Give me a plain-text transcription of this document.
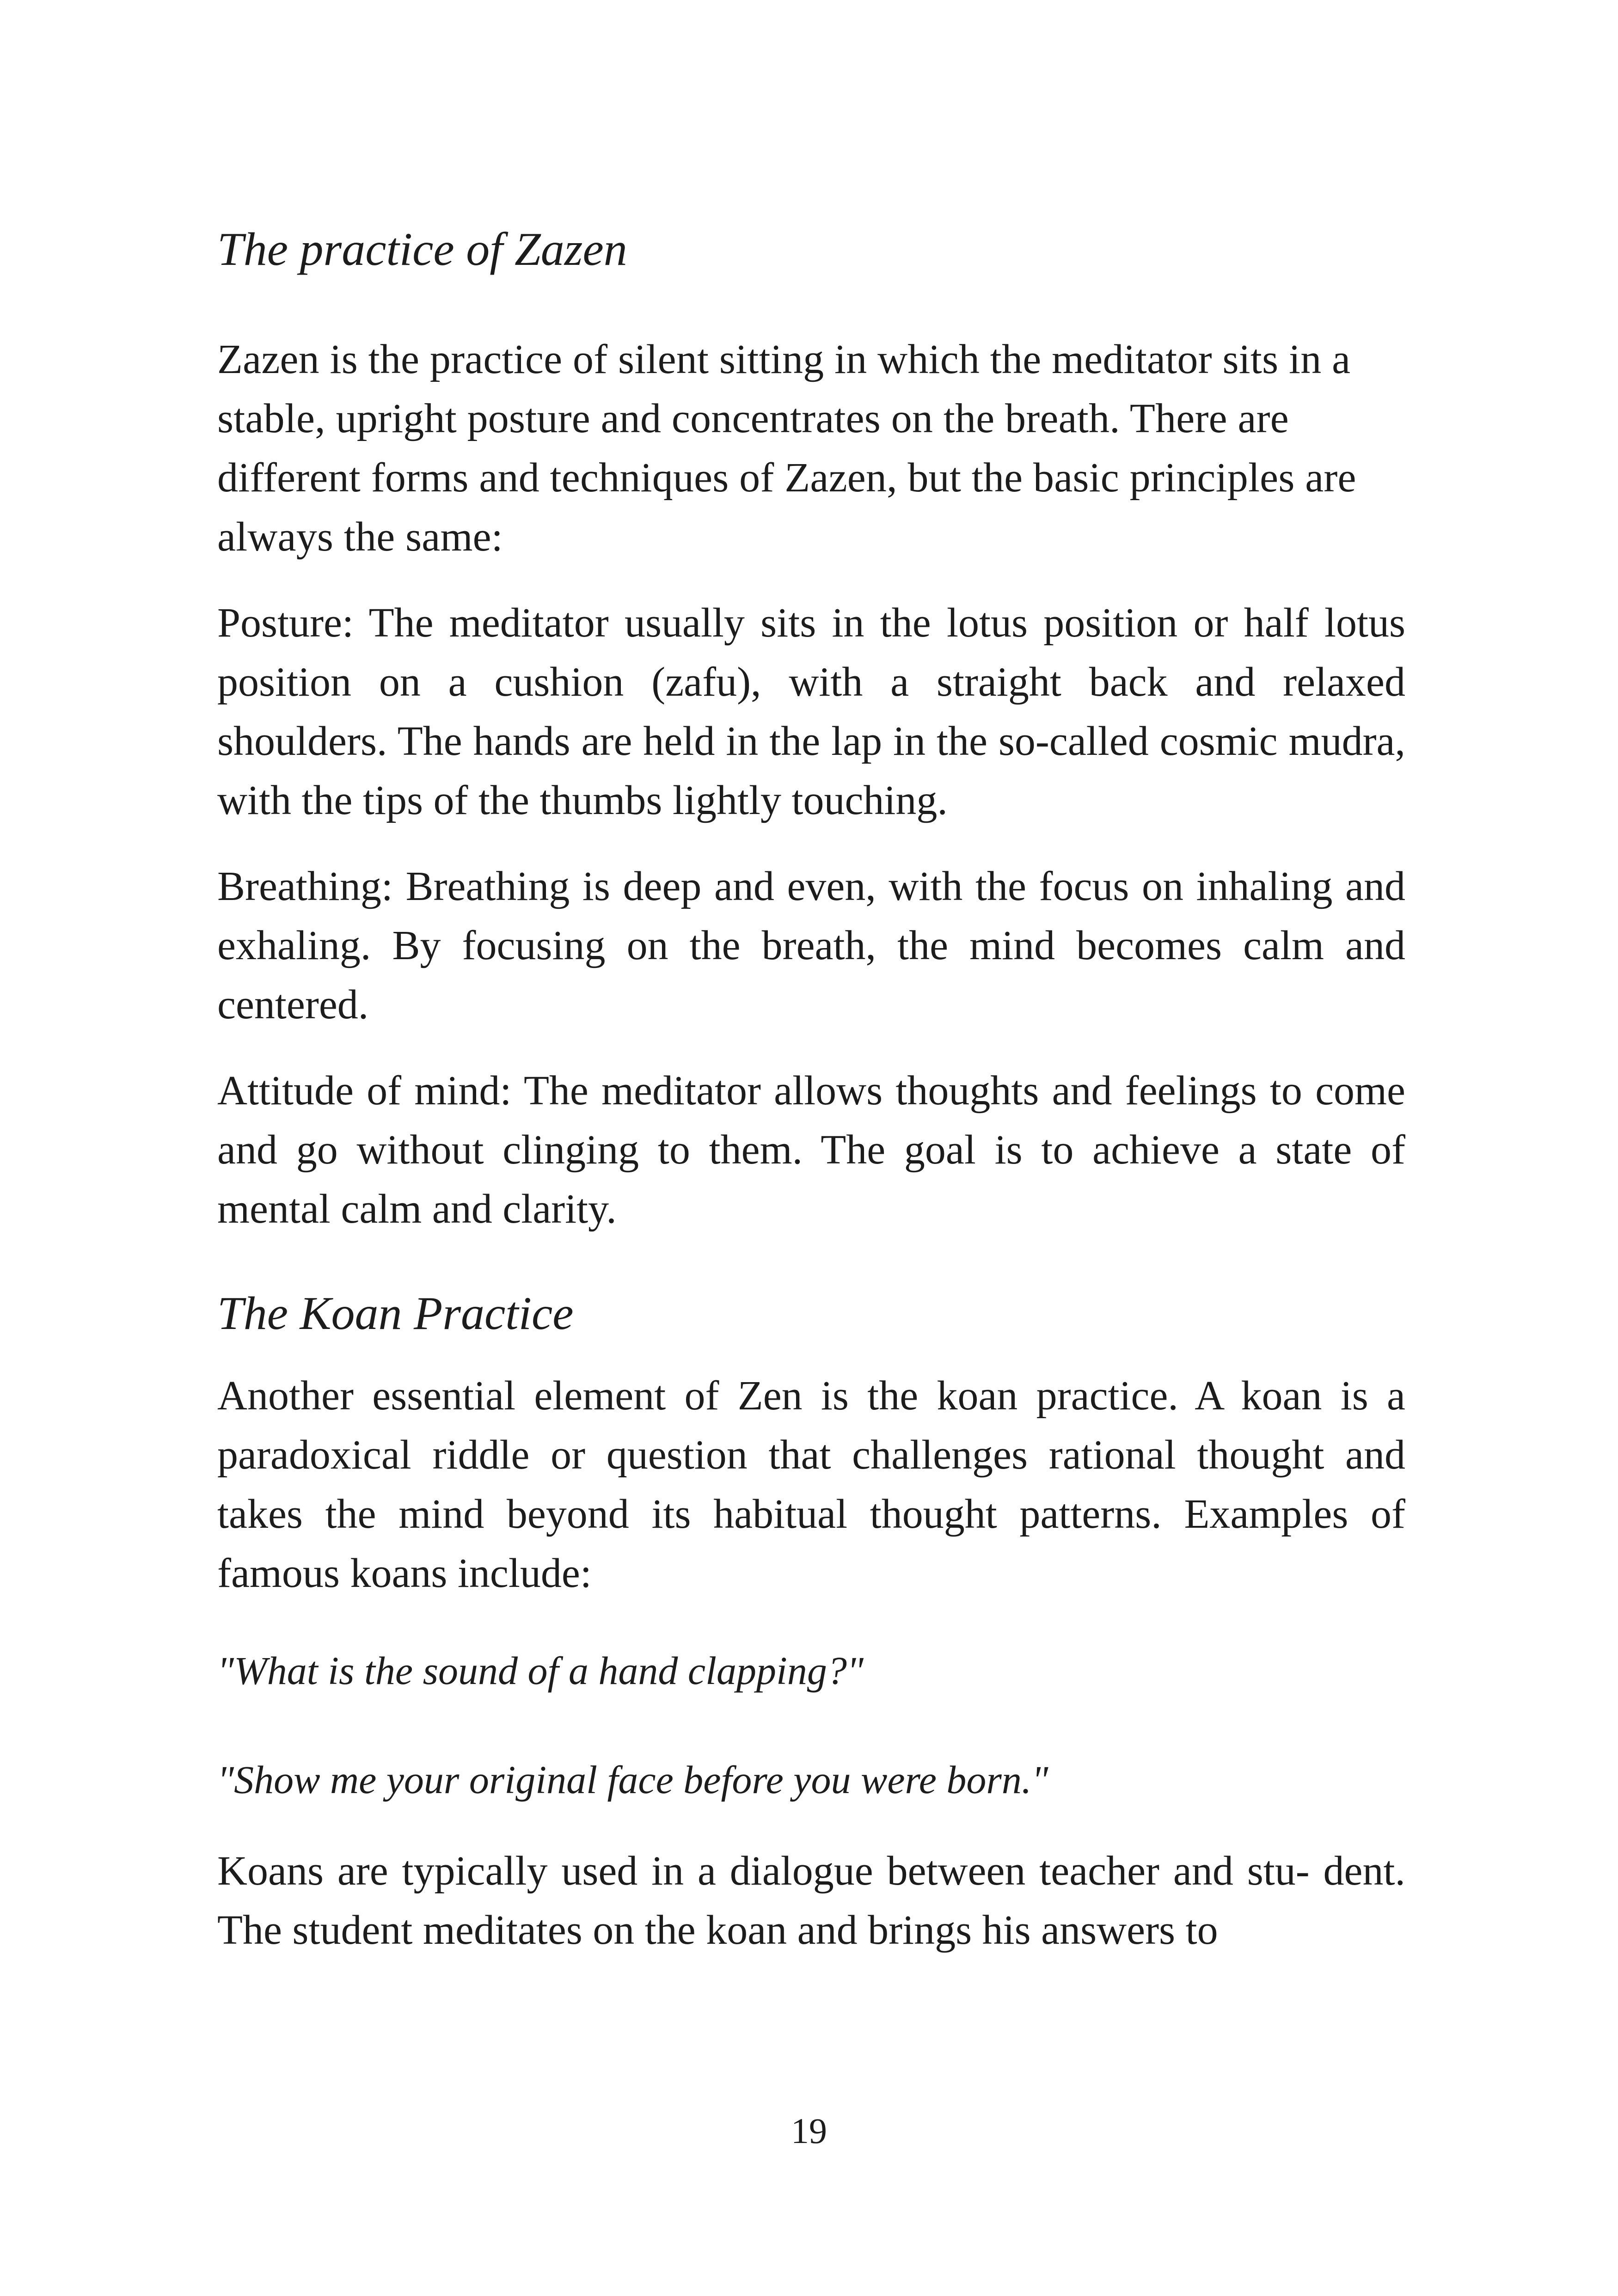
The practice of Zazen

Zazen is the practice of silent sitting in which the meditator sits in a stable, upright posture and concentrates on the breath. There are different forms and techniques of Zazen, but the basic principles are always the same:

Posture: The meditator usually sits in the lotus position or half lotus position on a cushion (zafu), with a straight back and relaxed shoulders. The hands are held in the lap in the so-called cosmic mudra, with the tips of the thumbs lightly touching.

Breathing: Breathing is deep and even, with the focus on inhaling and exhaling. By focusing on the breath, the mind becomes calm and centered.

Attitude of mind: The meditator allows thoughts and feelings to come and go without clinging to them. The goal is to achieve a state of mental calm and clarity.

The Koan Practice

Another essential element of Zen is the koan practice. A koan is a paradoxical riddle or question that challenges rational thought and takes the mind beyond its habitual thought patterns. Examples of famous koans include:

"What is the sound of a hand clapping?"

"Show me your original face before you were born."

Koans are typically used in a dialogue between teacher and stu- dent. The student meditates on the koan and brings his answers to

19
